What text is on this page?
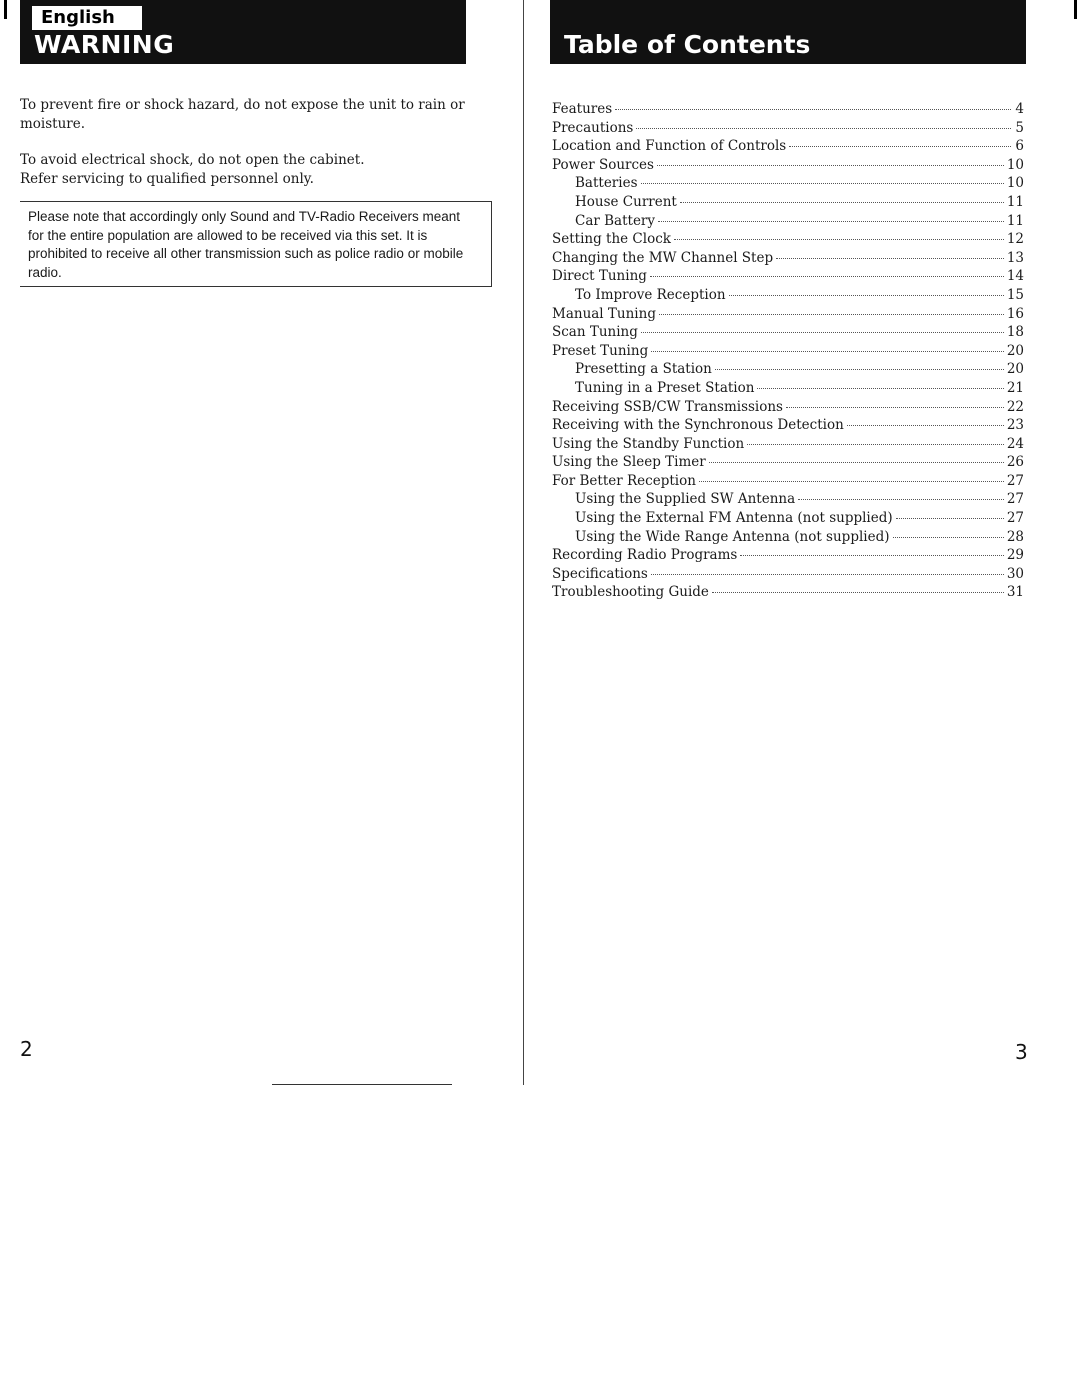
English
WARNING

To prevent fire or shock hazard, do not expose the unit to rain or moisture.

To avoid electrical shock, do not open the cabinet.
Refer servicing to qualified personnel only.

Please note that accordingly only Sound and TV-Radio Receivers meant for the entire population are allowed to be received via this set. It is prohibited to receive all other transmission such as police radio or mobile radio.

Table of Contents
Features	4
Precautions	5
Location and Function of Controls	6
Power Sources	10
Batteries	10
House Current	11
Car Battery	11
Setting the Clock	12
Changing the MW Channel Step	13
Direct Tuning	14
To Improve Reception	15
Manual Tuning	16
Scan Tuning	18
Preset Tuning	20
Presetting a Station	20
Tuning in a Preset Station	21
Receiving SSB/CW Transmissions	22
Receiving with the Synchronous Detection	23
Using the Standby Function	24
Using the Sleep Timer	26
For Better Reception	27
Using the Supplied SW Antenna	27
Using the External FM Antenna (not supplied)	27
Using the Wide Range Antenna (not supplied)	28
Recording Radio Programs	29
Specifications	30
Troubleshooting Guide	31
2	3
